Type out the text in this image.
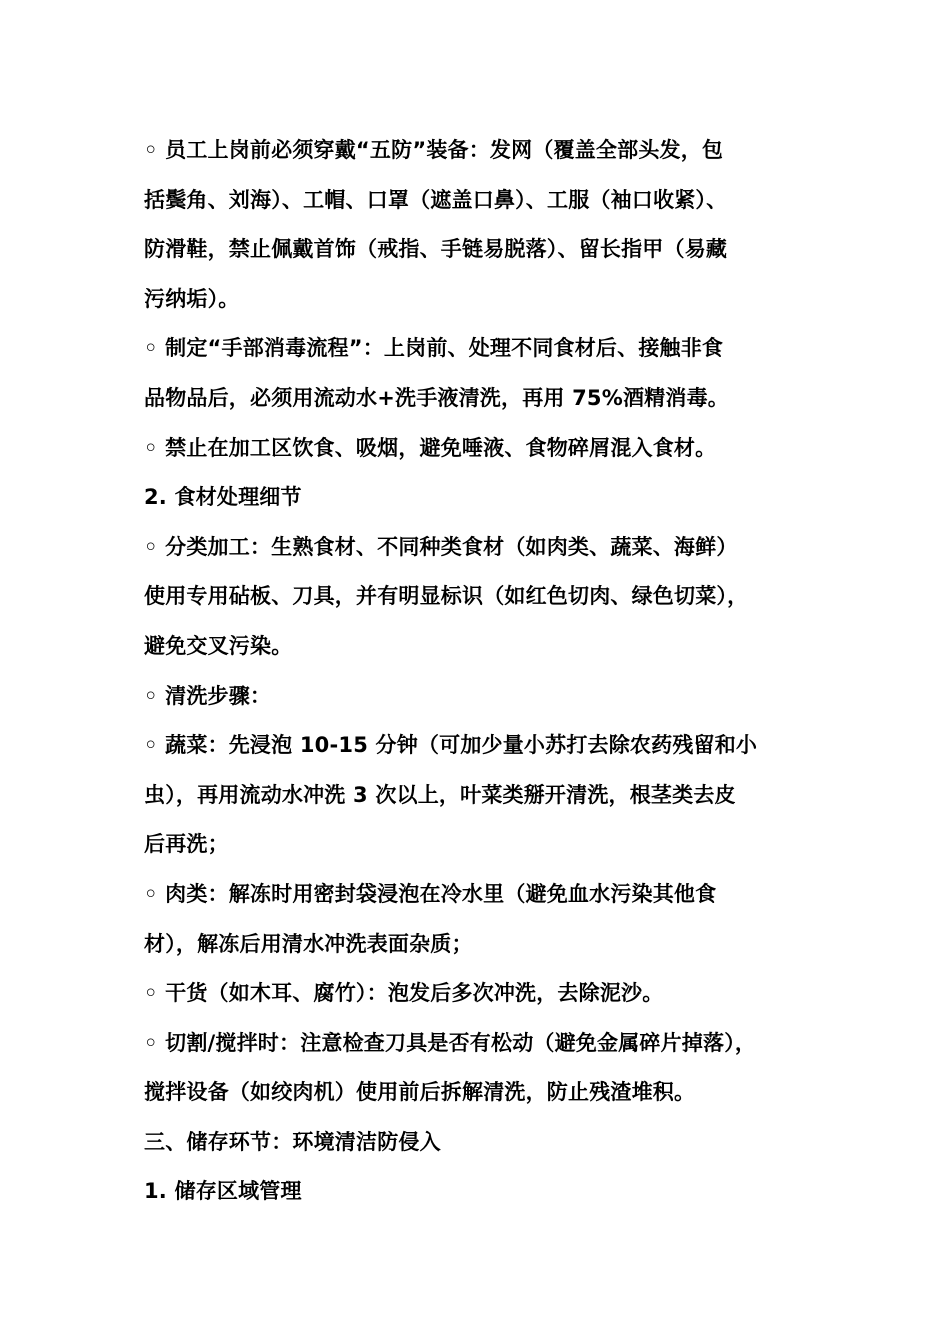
◦ 员工上岗前必须穿戴“五防”装备：发网（覆盖全部头发，包
括鬓角、刘海）、工帽、口罩（遮盖口鼻）、工服（袖口收紧）、
防滑鞋，禁止佩戴首饰（戒指、手链易脱落）、留长指甲（易藏
污纳垢）。
◦ 制定“手部消毒流程”：上岗前、处理不同食材后、接触非食
品物品后，必须用流动水+洗手液清洗，再用 75%酒精消毒。
◦ 禁止在加工区饮食、吸烟，避免唾液、食物碎屑混入食材。
2. 食材处理细节
◦ 分类加工：生熟食材、不同种类食材（如肉类、蔬菜、海鲜）
使用专用砧板、刀具，并有明显标识（如红色切肉、绿色切菜），
避免交叉污染。
◦ 清洗步骤：
◦ 蔬菜：先浸泡 10-15 分钟（可加少量小苏打去除农药残留和小
虫），再用流动水冲洗 3 次以上，叶菜类掰开清洗，根茎类去皮
后再洗；
◦ 肉类：解冻时用密封袋浸泡在冷水里（避免血水污染其他食
材），解冻后用清水冲洗表面杂质；
◦ 干货（如木耳、腐竹）：泡发后多次冲洗，去除泥沙。
◦ 切割/搅拌时：注意检查刀具是否有松动（避免金属碎片掉落），
搅拌设备（如绞肉机）使用前后拆解清洗，防止残渣堆积。
三、储存环节：环境清洁防侵入
1. 储存区域管理
